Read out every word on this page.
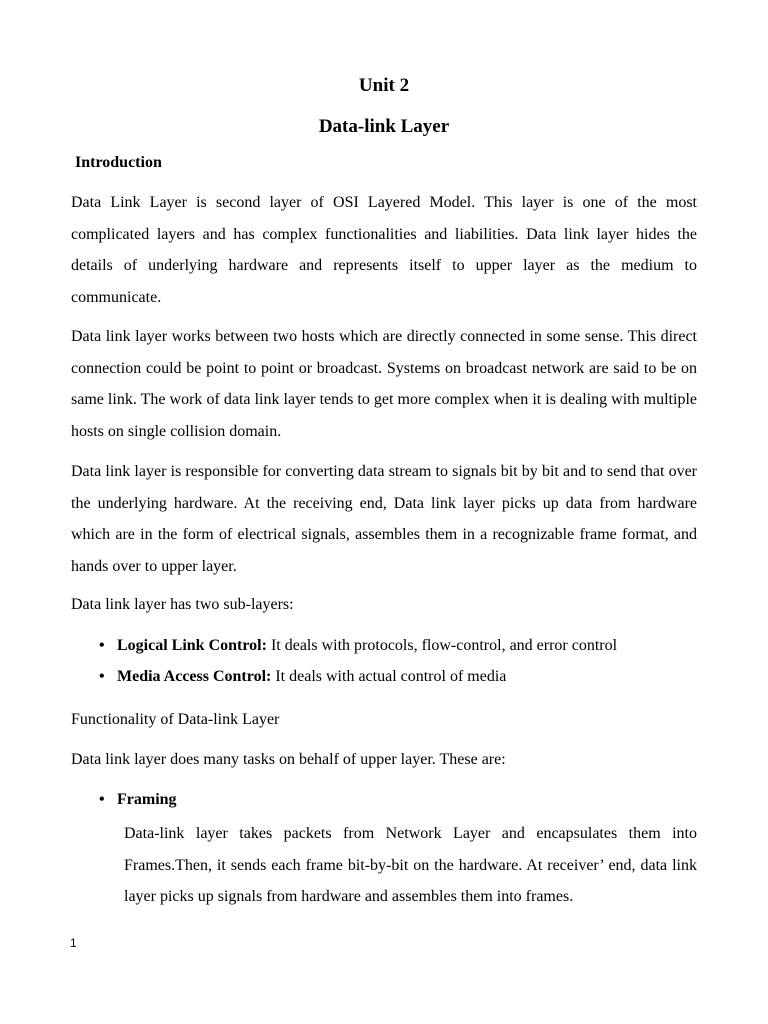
Unit 2
Data-link Layer
Introduction

Data Link Layer is second layer of OSI Layered Model. This layer is one of the most complicated layers and has complex functionalities and liabilities. Data link layer hides the details of underlying hardware and represents itself to upper layer as the medium to communicate.

Data link layer works between two hosts which are directly connected in some sense. This direct connection could be point to point or broadcast. Systems on broadcast network are said to be on same link. The work of data link layer tends to get more complex when it is dealing with multiple hosts on single collision domain.

Data link layer is responsible for converting data stream to signals bit by bit and to send that over the underlying hardware. At the receiving end, Data link layer picks up data from hardware which are in the form of electrical signals, assembles them in a recognizable frame format, and hands over to upper layer.

Data link layer has two sub-layers:

• Logical Link Control: It deals with protocols, flow-control, and error control
• Media Access Control: It deals with actual control of media

Functionality of Data-link Layer

Data link layer does many tasks on behalf of upper layer. These are:

• Framing

Data-link layer takes packets from Network Layer and encapsulates them into Frames.Then, it sends each frame bit-by-bit on the hardware. At receiver’ end, data link layer picks up signals from hardware and assembles them into frames.

1
